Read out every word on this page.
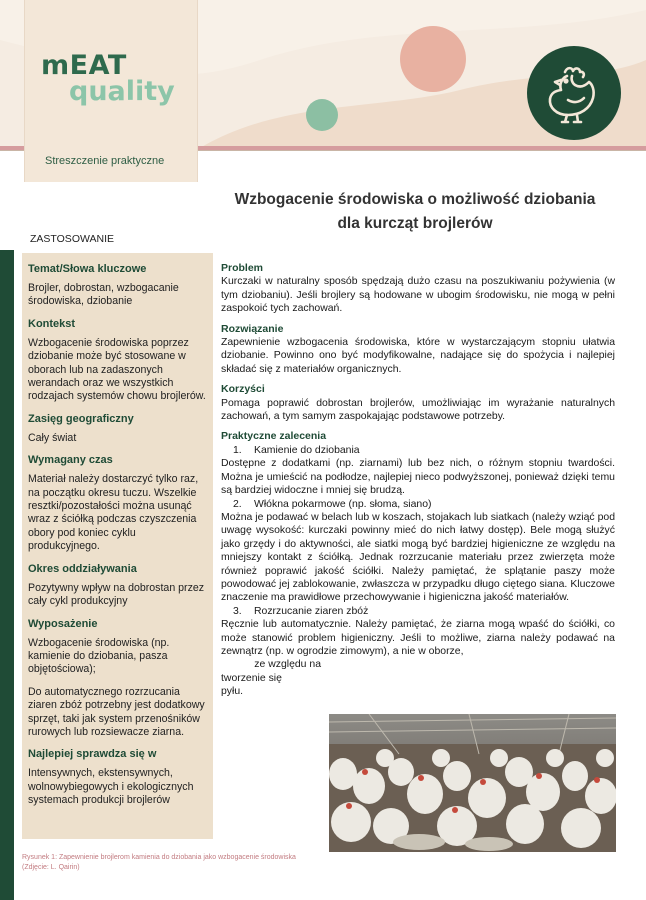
mEAT
quality
Streszczenie praktyczne
Wzbogacenie środowiska o możliwość dziobania
dla kurcząt brojlerów
ZASTOSOWANIE
Temat/Słowa kluczowe
Brojler, dobrostan, wzbogacanie środowiska, dziobanie
Kontekst
Wzbogacenie środowiska poprzez dziobanie może być stosowane w oborach lub na zadaszonych werandach oraz we wszystkich rodzajach systemów chowu brojlerów.
Zasięg geograficzny
Cały świat
Wymagany czas
Materiał należy dostarczyć tylko raz, na początku okresu tuczu. Wszelkie resztki/pozostałości można usunąć wraz z ściółką podczas czyszczenia obory pod koniec cyklu produkcyjnego.
Okres oddziaływania
Pozytywny wpływ na dobrostan przez cały cykl produkcyjny
Wyposażenie
Wzbogacenie środowiska (np. kamienie do dziobania, pasza objętościowa);
Do automatycznego rozrzucania ziaren zbóż potrzebny jest dodatkowy sprzęt, taki jak system przenośników rurowych lub rozsiewacze ziarna.
Najlepiej sprawdza się w
Intensywnych, ekstensywnych, wolnowybiegowych i ekologicznych systemach produkcji brojlerów
Rysunek 1: Zapewnienie brojlerom kamienia do dziobania jako wzbogacenie środowiska (Zdjęcie: L. Qairin)
Problem
Kurczaki w naturalny sposób spędzają dużo czasu na poszukiwaniu pożywienia (w tym dziobaniu). Jeśli brojlery są hodowane w ubogim środowisku, nie mogą w pełni zaspokoić tych zachowań.
Rozwiązanie
Zapewnienie wzbogacenia środowiska, które w wystarczającym stopniu ułatwia dziobanie. Powinno ono być modyfikowalne, nadające się do spożycia i najlepiej składać się z materiałów organicznych.
Korzyści
Pomaga poprawić dobrostan brojlerów, umożliwiając im wyrażanie naturalnych zachowań, a tym samym zaspokajając podstawowe potrzeby.
Praktyczne zalecenia
1. Kamienie do dziobania
Dostępne z dodatkami (np. ziarnami) lub bez nich, o różnym stopniu twardości. Można je umieścić na podłodze, najlepiej nieco podwyższonej, ponieważ dzięki temu są bardziej widoczne i mniej się brudzą.
2. Włókna pokarmowe (np. słoma, siano)
Można je podawać w belach lub w koszach, stojakach lub siatkach (należy wziąć pod uwagę wysokość: kurczaki powinny mieć do nich łatwy dostęp). Bele mogą służyć jako grzędy i do aktywności, ale siatki mogą być bardziej higieniczne ze względu na mniejszy kontakt z ściółką. Jednak rozrzucanie materiału przez zwierzęta może również poprawić jakość ściółki. Należy pamiętać, że splątanie paszy może powodować jej zablokowanie, zwłaszcza w przypadku długo ciętego siana. Kluczowe znaczenie ma prawidłowe przechowywanie i higieniczna jakość materiałów.
3. Rozrzucanie ziaren zbóż
Ręcznie lub automatycznie. Należy pamiętać, że ziarna mogą wpaść do ściółki, co może stanowić problem higieniczny. Jeśli to możliwe, ziarna należy podawać na zewnątrz (np. w ogrodzie zimowym), a nie w oborze,
ze względu na
tworzenie się
pyłu.
